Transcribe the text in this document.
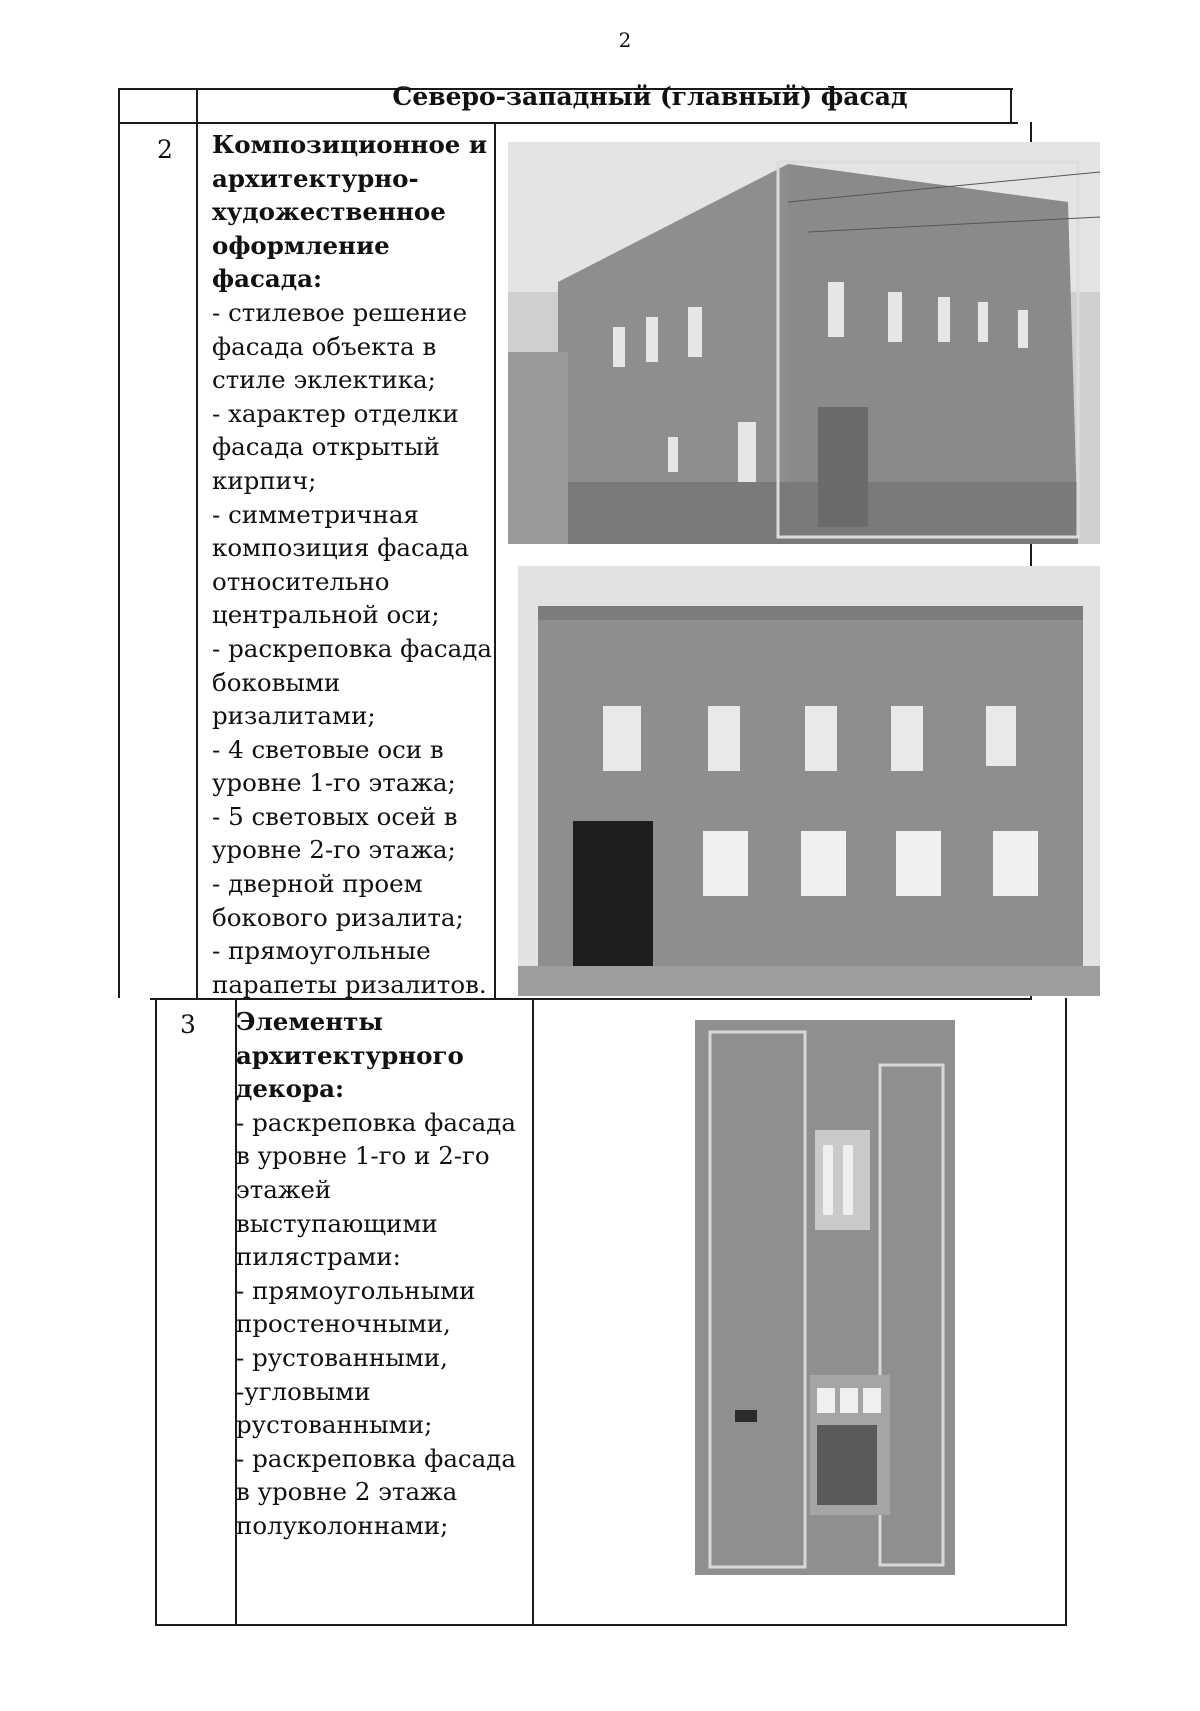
2
Северо-западный (главный) фасад
2 Композиционное и архитектурно-художественное оформление фасада:
- стилевое решение фасада объекта в стиле эклектика;
- характер отделки фасада открытый кирпич;
- симметричная композиция фасада относительно центральной оси;
- раскреповка фасада боковыми ризалитами;
- 4 световые оси в уровне 1-го этажа;
- 5 световых осей в уровне 2-го этажа;
- дверной проем бокового ризалита;
- прямоугольные парапеты ризалитов.
3 Элементы архитектурного декора:
- раскреповка фасада в уровне 1-го и 2-го этажей выступающими пилястрами:
- прямоугольными простеночными,
- рустованными,
-угловыми рустованными;
- раскреповка фасада в уровне 2 этажа полуколоннами;
